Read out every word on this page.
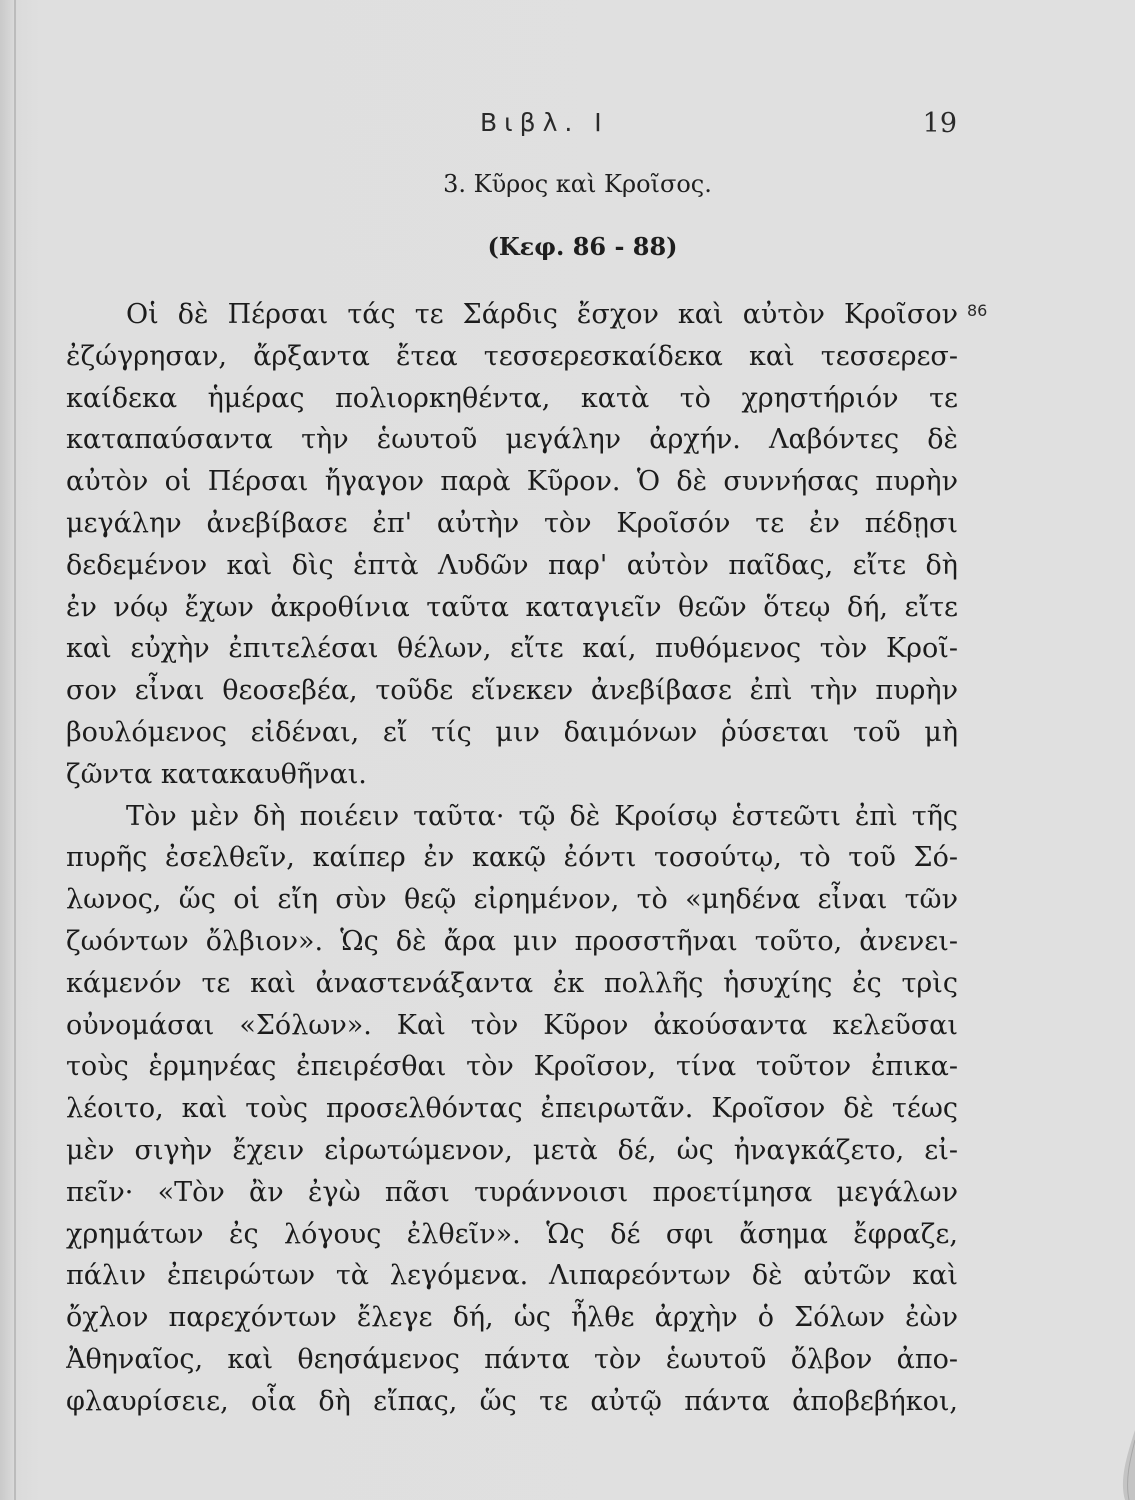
Βιβλ. Ι	19
3. Κῦρος καὶ Κροῖσος.
(Κεφ. 86 - 88)
86
Οἱ δὲ Πέρσαι τάς τε Σάρδις ἔσχον καὶ αὐτὸν Κροῖσον
ἐζώγρησαν, ἄρξαντα ἔτεα τεσσερεσκαίδεκα καὶ τεσσερεσ-
καίδεκα ἡμέρας πολιορκηθέντα, κατὰ τὸ χρηστήριόν τε
καταπαύσαντα τὴν ἑωυτοῦ μεγάλην ἀρχήν. Λαβόντες δὲ
αὐτὸν οἱ Πέρσαι ἤγαγον παρὰ Κῦρον. Ὁ δὲ συννήσας πυρὴν
μεγάλην ἀνεβίβασε ἐπ' αὐτὴν τὸν Κροῖσόν τε ἐν πέδῃσι
δεδεμένον καὶ δὶς ἑπτὰ Λυδῶν παρ' αὐτὸν παῖδας, εἴτε δὴ
ἐν νόῳ ἔχων ἀκροθίνια ταῦτα καταγιεῖν θεῶν ὅτεῳ δή, εἴτε
καὶ εὐχὴν ἐπιτελέσαι θέλων, εἴτε καί, πυθόμενος τὸν Κροῖ-
σον εἶναι θεοσεβέα, τοῦδε εἵνεκεν ἀνεβίβασε ἐπὶ τὴν πυρὴν
βουλόμενος εἰδέναι, εἴ τίς μιν δαιμόνων ῥύσεται τοῦ μὴ
ζῶντα κατακαυθῆναι.
Τὸν μὲν δὴ ποιέειν ταῦτα· τῷ δὲ Κροίσῳ ἑστεῶτι ἐπὶ τῆς
πυρῆς ἐσελθεῖν, καίπερ ἐν κακῷ ἐόντι τοσούτῳ, τὸ τοῦ Σό-
λωνος, ὥς οἱ εἴη σὺν θεῷ εἰρημένον, τὸ «μηδένα εἶναι τῶν
ζωόντων ὄλβιον». Ὡς δὲ ἄρα μιν προσστῆναι τοῦτο, ἀνενει-
κάμενόν τε καὶ ἀναστενάξαντα ἐκ πολλῆς ἡσυχίης ἐς τρὶς
οὐνομάσαι «Σόλων». Καὶ τὸν Κῦρον ἀκούσαντα κελεῦσαι
τοὺς ἑρμηνέας ἐπειρέσθαι τὸν Κροῖσον, τίνα τοῦτον ἐπικα-
λέοιτο, καὶ τοὺς προσελθόντας ἐπειρωτᾶν. Κροῖσον δὲ τέως
μὲν σιγὴν ἔχειν εἰρωτώμενον, μετὰ δέ, ὡς ἠναγκάζετο, εἰ-
πεῖν· «Τὸν ἂν ἐγὼ πᾶσι τυράννοισι προετίμησα μεγάλων
χρημάτων ἐς λόγους ἐλθεῖν». Ὡς δέ σφι ἄσημα ἔφραζε,
πάλιν ἐπειρώτων τὰ λεγόμενα. Λιπαρεόντων δὲ αὐτῶν καὶ
ὄχλον παρεχόντων ἔλεγε δή, ὡς ἦλθε ἀρχὴν ὁ Σόλων ἐὼν
Ἀθηναῖος, καὶ θεησάμενος πάντα τὸν ἑωυτοῦ ὄλβον ἀπο-
φλαυρίσειε, οἷα δὴ εἴπας, ὥς τε αὐτῷ πάντα ἀποβεβήκοι,
